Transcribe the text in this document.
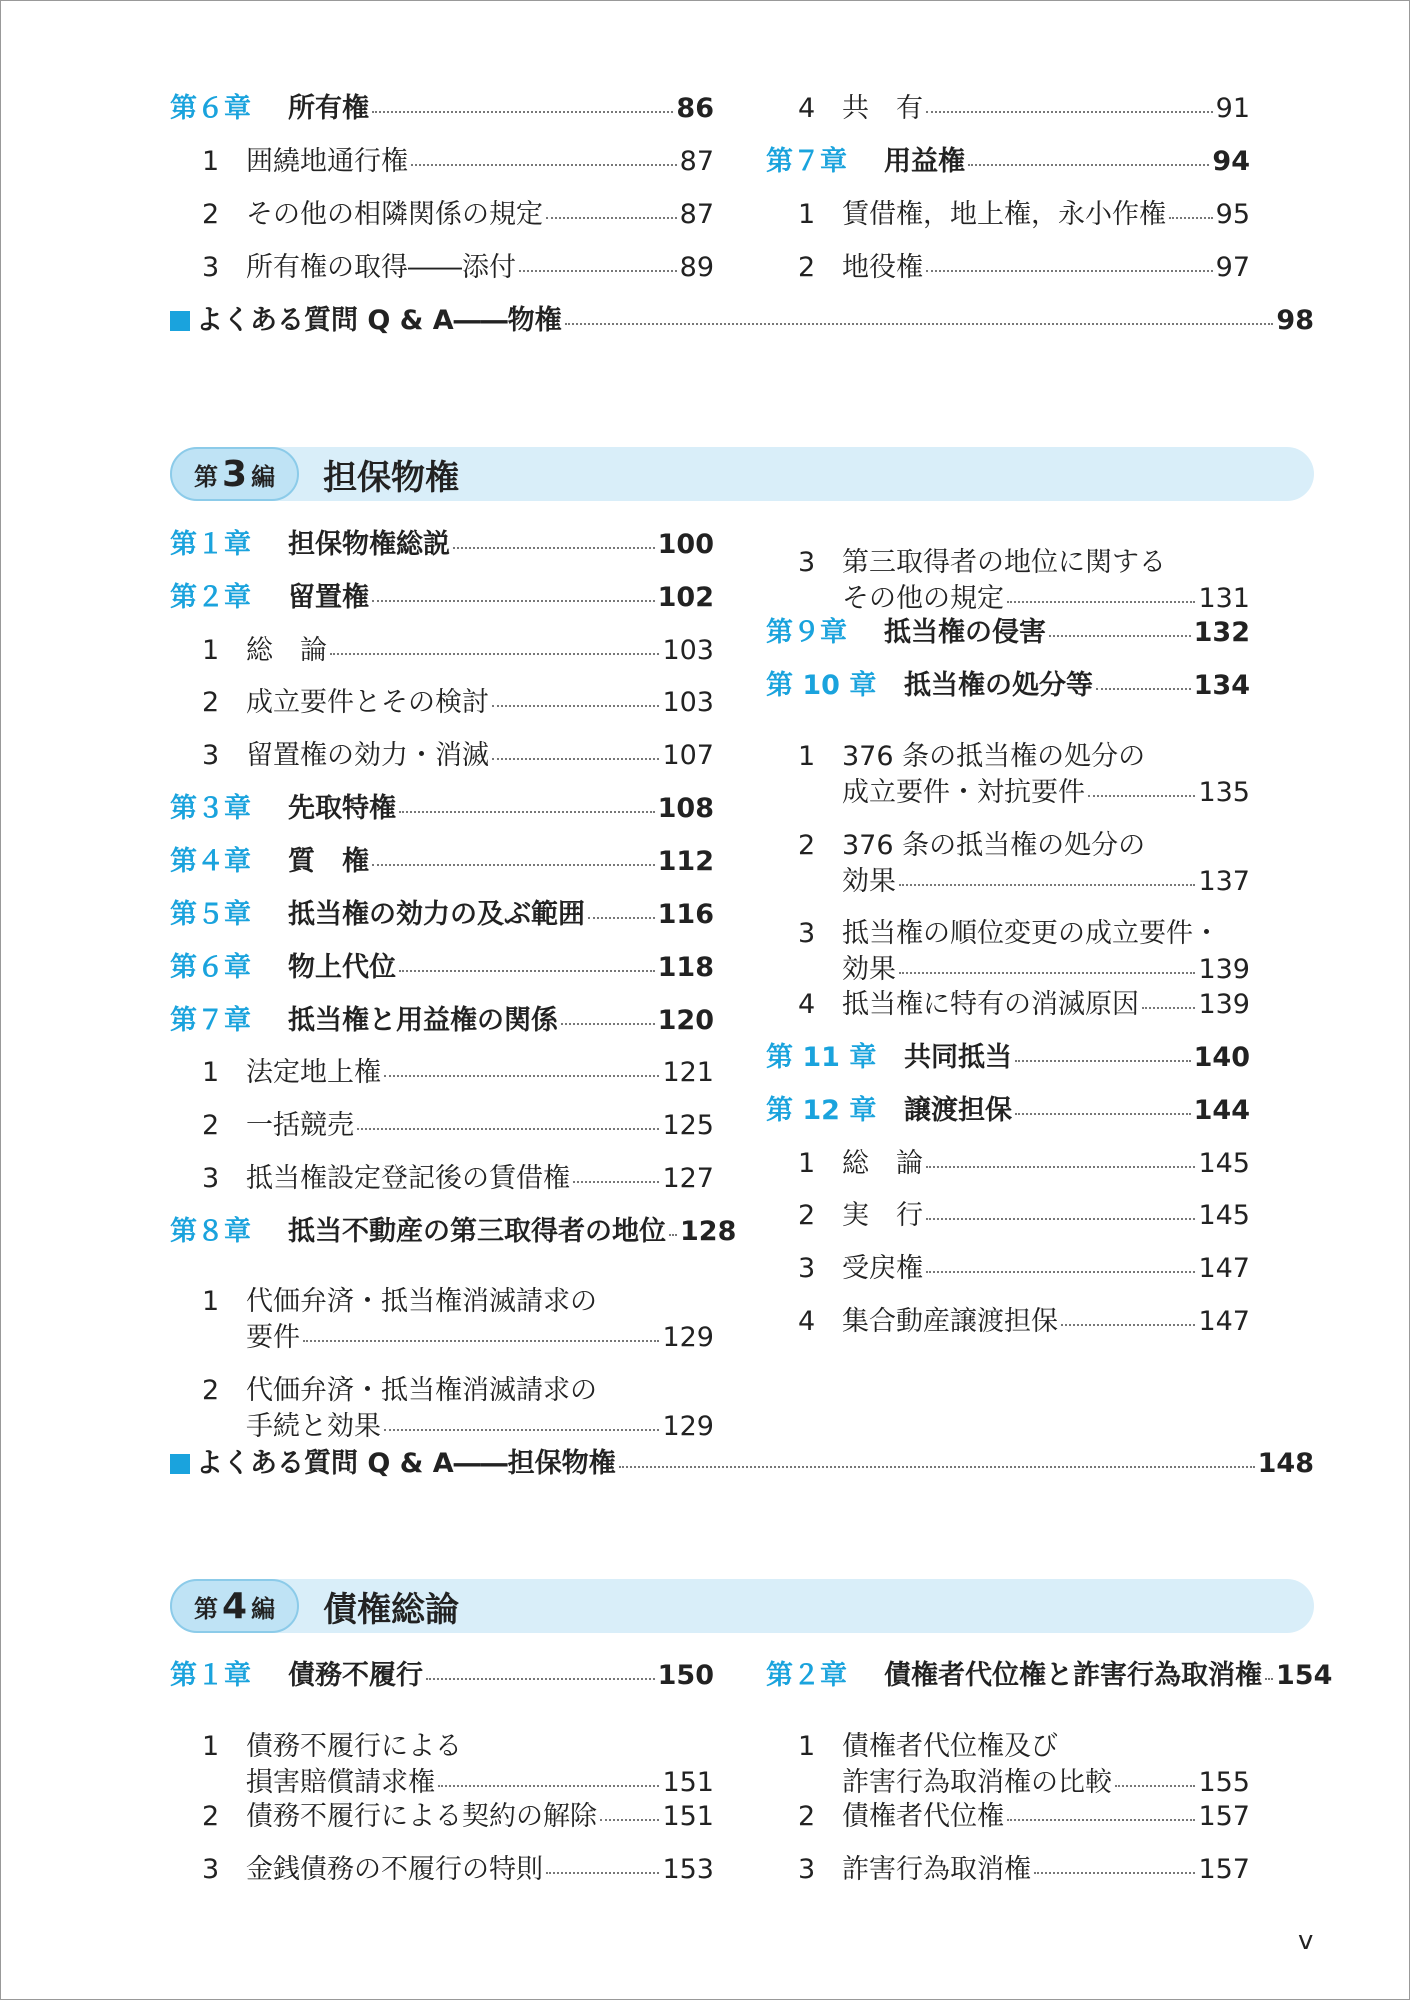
第６章	所有権	86
1 囲繞地通行権	87
2 その他の相隣関係の規定	87
3 所有権の取得――添付	89
4 共　有	91
第７章	用益権	94
1 賃借権，地上権，永小作権 95
2 地役権	97
よくある質問 Q & A――物権	98
第 3 編 担保物権
第１章	担保物権総説	100
第２章	留置権	102
1 総　論	103
2 成立要件とその検討	103
3 留置権の効力・消滅	107
第３章	先取特権	108
第４章	質　権	112
第５章	抵当権の効力の及ぶ範囲	116
第６章	物上代位	118
第７章	抵当権と用益権の関係	120
1 法定地上権	121
2 一括競売	125
3 抵当権設定登記後の賃借権	127
第８章	抵当不動産の第三取得者の地位 128
1 代価弁済・抵当権消滅請求の
要件	129
2 代価弁済・抵当権消滅請求の
手続と効果	129
3 第三取得者の地位に関する
その他の規定	131
第９章	抵当権の侵害	132
第 10 章	抵当権の処分等	134
1 376 条の抵当権の処分の
成立要件・対抗要件	135
2 376 条の抵当権の処分の
効果	137
3 抵当権の順位変更の成立要件・
効果	139
4 抵当権に特有の消滅原因 139
第 11 章	共同抵当	140
第 12 章	譲渡担保	144
1 総　論	145
2 実　行	145
3 受戻権	147
4 集合動産譲渡担保	147
よくある質問 Q & A――担保物権	148
第 4 編 債権総論
第１章	債務不履行	150
1 債務不履行による
損害賠償請求権	151
2 債務不履行による契約の解除 151
3 金銭債務の不履行の特則	153
第２章	債権者代位権と詐害行為取消権 154
1 債権者代位権及び
詐害行為取消権の比較	155
2 債権者代位権	157
3 詐害行為取消権	157
v
